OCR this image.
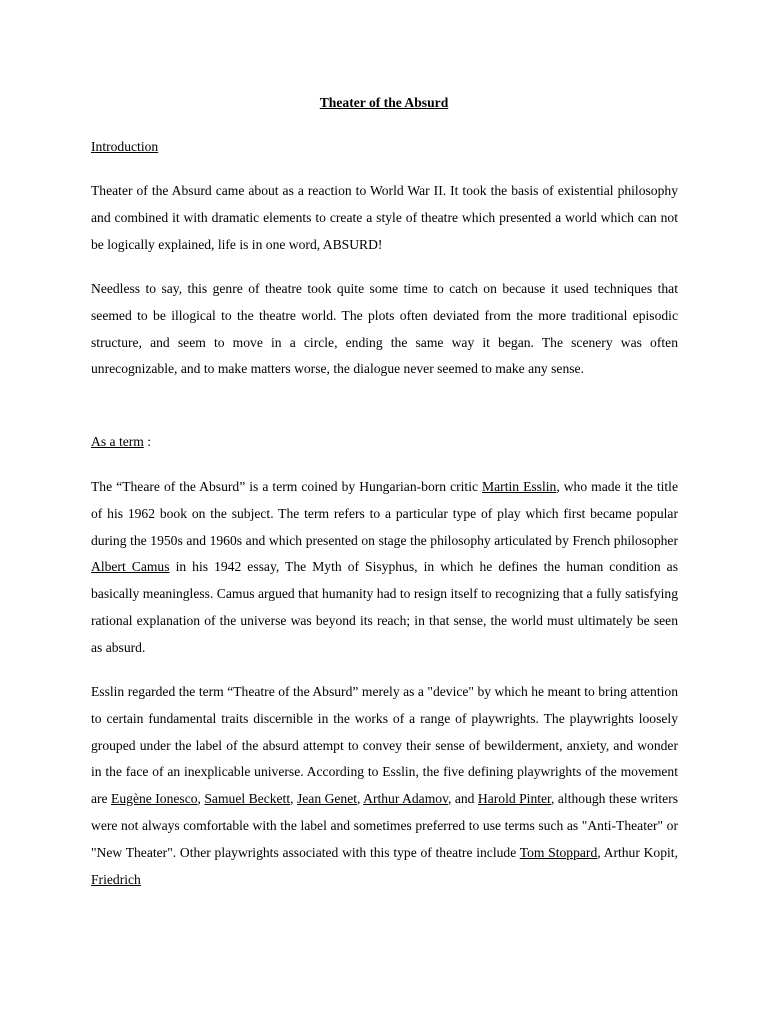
Theater of the Absurd

Introduction

Theater of the Absurd came about as a reaction to World War II. It took the basis of existential philosophy and combined it with dramatic elements to create a style of theatre which presented a world which can not be logically explained, life is in one word, ABSURD!

Needless to say, this genre of theatre took quite some time to catch on because it used techniques that seemed to be illogical to the theatre world. The plots often deviated from the more traditional episodic structure, and seem to move in a circle, ending the same way it began. The scenery was often unrecognizable, and to make matters worse, the dialogue never seemed to make any sense.

As a term :

The “Theare of the Absurd” is a term coined by Hungarian-born critic Martin Esslin, who made it the title of his 1962 book on the subject. The term refers to a particular type of play which first became popular during the 1950s and 1960s and which presented on stage the philosophy articulated by French philosopher Albert Camus in his 1942 essay, The Myth of Sisyphus, in which he defines the human condition as basically meaningless. Camus argued that humanity had to resign itself to recognizing that a fully satisfying rational explanation of the universe was beyond its reach; in that sense, the world must ultimately be seen as absurd.

Esslin regarded the term “Theatre of the Absurd” merely as a "device" by which he meant to bring attention to certain fundamental traits discernible in the works of a range of playwrights. The playwrights loosely grouped under the label of the absurd attempt to convey their sense of bewilderment, anxiety, and wonder in the face of an inexplicable universe. According to Esslin, the five defining playwrights of the movement are Eugène Ionesco, Samuel Beckett, Jean Genet, Arthur Adamov, and Harold Pinter, although these writers were not always comfortable with the label and sometimes preferred to use terms such as "Anti-Theater" or "New Theater". Other playwrights associated with this type of theatre include Tom Stoppard, Arthur Kopit, Friedrich
